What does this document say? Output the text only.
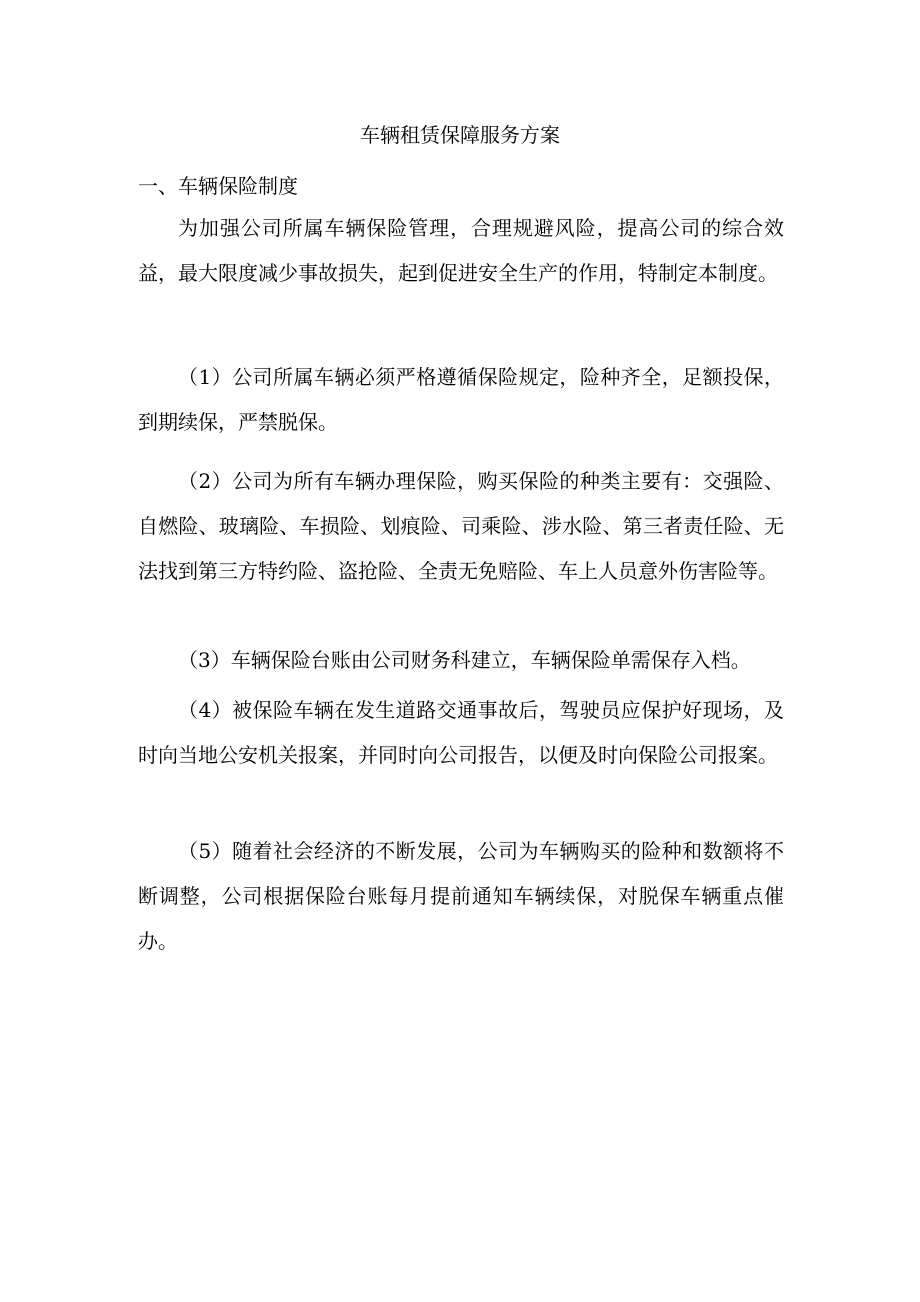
车辆租赁保障服务方案
一、车辆保险制度

为加强公司所属车辆保险管理，合理规避风险，提高公司的综合效益，最大限度减少事故损失，起到促进安全生产的作用，特制定本制度。

（1）公司所属车辆必须严格遵循保险规定，险种齐全，足额投保，到期续保，严禁脱保。

（2）公司为所有车辆办理保险，购买保险的种类主要有：交强险、自燃险、玻璃险、车损险、划痕险、司乘险、涉水险、第三者责任险、无法找到第三方特约险、盗抢险、全责无免赔险、车上人员意外伤害险等。

（3）车辆保险台账由公司财务科建立，车辆保险单需保存入档。

（4）被保险车辆在发生道路交通事故后，驾驶员应保护好现场，及时向当地公安机关报案，并同时向公司报告，以便及时向保险公司报案。

（5）随着社会经济的不断发展，公司为车辆购买的险种和数额将不断调整，公司根据保险台账每月提前通知车辆续保，对脱保车辆重点催办。
